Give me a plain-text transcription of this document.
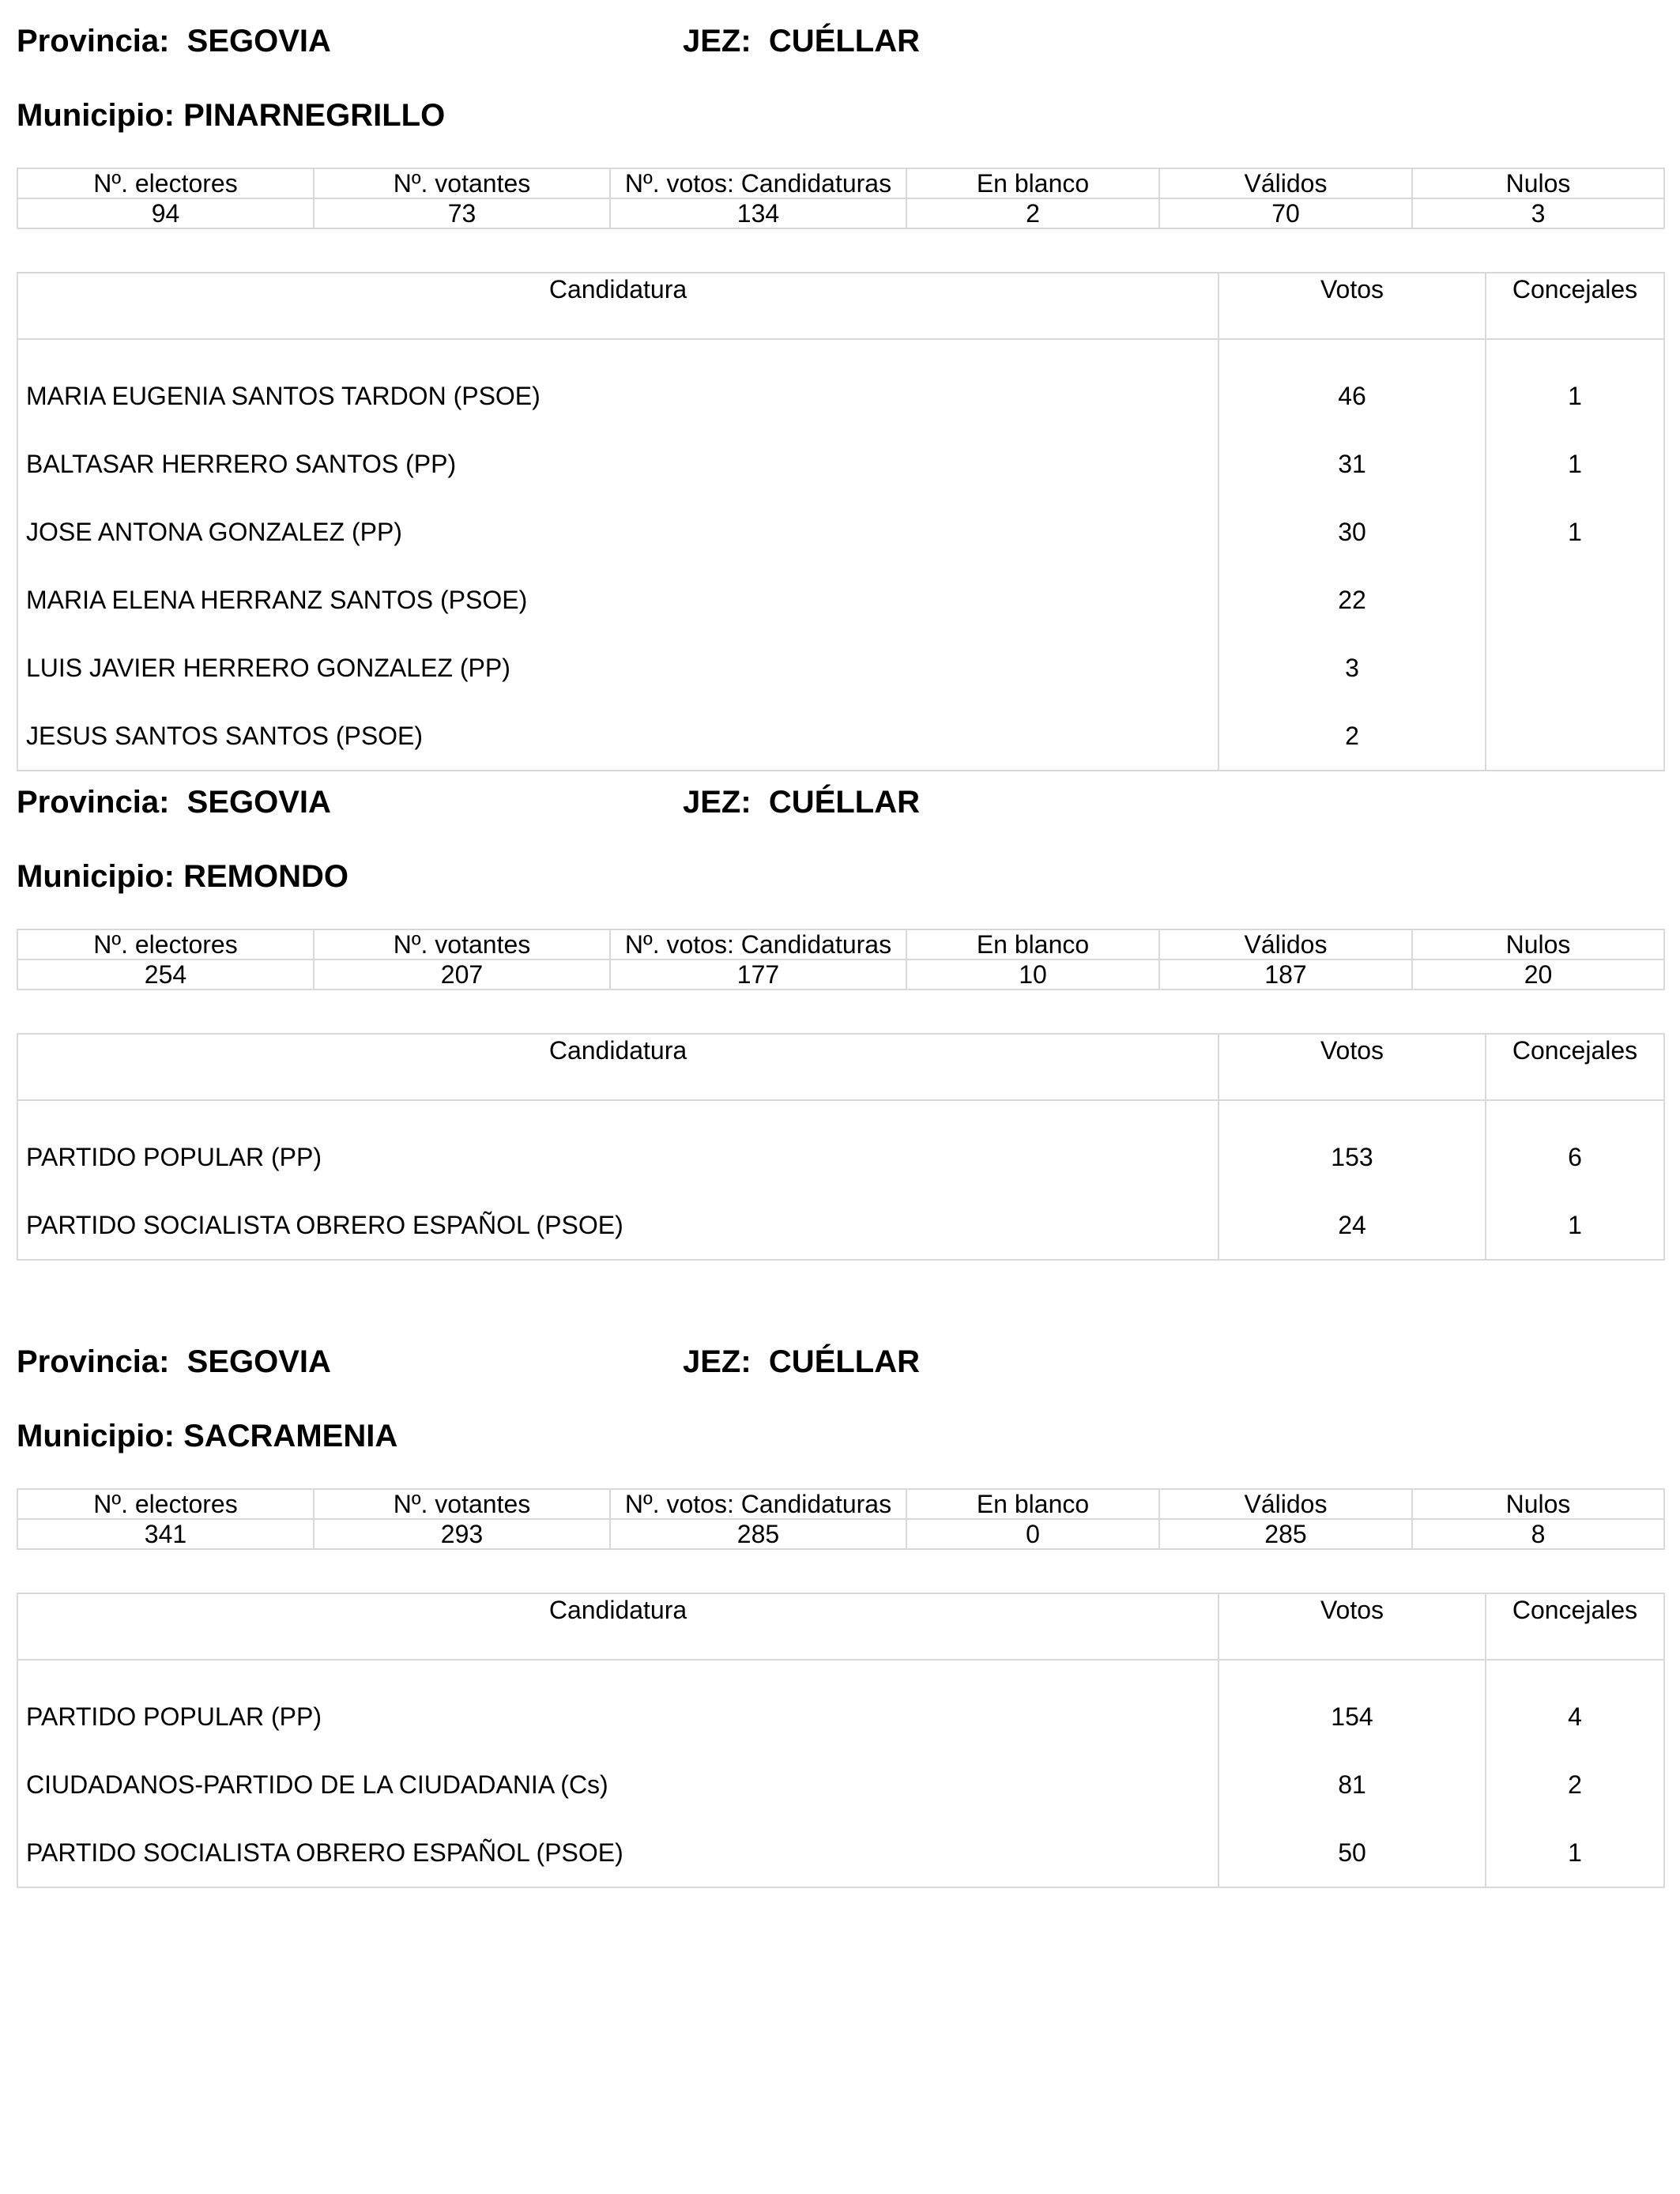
Provincia: SEGOVIA	JEZ: CUÉLLAR
Municipio: PINARNEGRILLO
Nº. electores	Nº. votantes	Nº. votos: Candidaturas	En blanco	Válidos	Nulos
94	73	134	2	70	3
Candidatura	Votos	Concejales
MARIA EUGENIA SANTOS TARDON (PSOE)	46	1
BALTASAR HERRERO SANTOS (PP)	31	1
JOSE ANTONA GONZALEZ (PP)	30	1
MARIA ELENA HERRANZ SANTOS (PSOE)	22	
LUIS JAVIER HERRERO GONZALEZ (PP)	3	
JESUS SANTOS SANTOS (PSOE)	2	
Provincia: SEGOVIA	JEZ: CUÉLLAR
Municipio: REMONDO
Nº. electores	Nº. votantes	Nº. votos: Candidaturas	En blanco	Válidos	Nulos
254	207	177	10	187	20
Candidatura	Votos	Concejales
PARTIDO POPULAR (PP)	153	6
PARTIDO SOCIALISTA OBRERO ESPAÑOL (PSOE)	24	1
Provincia: SEGOVIA	JEZ: CUÉLLAR
Municipio: SACRAMENIA
Nº. electores	Nº. votantes	Nº. votos: Candidaturas	En blanco	Válidos	Nulos
341	293	285	0	285	8
Candidatura	Votos	Concejales
PARTIDO POPULAR (PP)	154	4
CIUDADANOS-PARTIDO DE LA CIUDADANIA (Cs)	81	2
PARTIDO SOCIALISTA OBRERO ESPAÑOL (PSOE)	50	1
